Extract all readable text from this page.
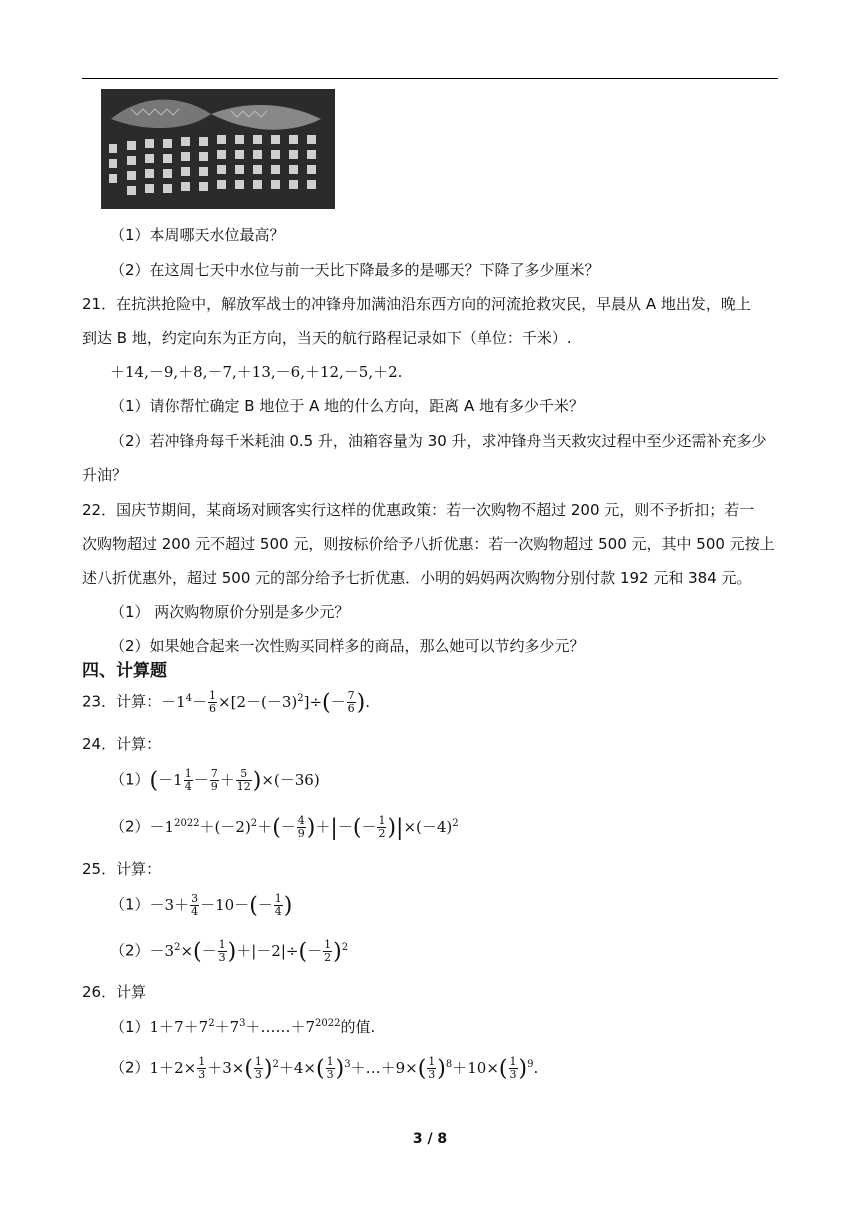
（1）本周哪天水位最高？
（2）在这周七天中水位与前一天比下降最多的是哪天？下降了多少厘米？
21．在抗洪抢险中，解放军战士的冲锋舟加满油沿东西方向的河流抢救灾民，早晨从 A 地出发，晚上
到达 B 地，约定向东为正方向，当天的航行路程记录如下（单位：千米）.
＋14,－9,＋8,－7,＋13,－6,＋12,－5,＋2.
（1）请你帮忙确定 B 地位于 A 地的什么方向，距离 A 地有多少千米？
（2）若冲锋舟每千米耗油 0.5 升，油箱容量为 30 升，求冲锋舟当天救灾过程中至少还需补充多少
升油？
22．国庆节期间，某商场对顾客实行这样的优惠政策：若一次购物不超过 200 元，则不予折扣；若一
次购物超过 200 元不超过 500 元，则按标价给予八折优惠：若一次购物超过 500 元，其中 500 元按上
述八折优惠外，超过 500 元的部分给予七折优惠．小明的妈妈两次购物分别付款 192 元和 384 元。
（1） 两次购物原价分别是多少元？
（2）如果她合起来一次性购买同样多的商品，那么她可以节约多少元？
四、计算题
23．计算：$-1^4- \frac{1}{6} \times[2-(-3)^2]\div(- \frac{7}{6}$ ).
24．计算：
$(1)(-1 \frac{1}{4} - \frac{7}{9} + \frac{5}{12} )\times(-36)$
$(2)-1^{2022}+(-2)^2+(- \frac{4}{9}$ )＋|－(－ $\frac{1}{2} )|\times(-4)^2$
25．计算：
$(1)-3+ \frac{3}{4} -10-(- \frac{1}{4}$ )
$(2)-3^2\times(- \frac{1}{3} )+|-2|\div(- \frac{1}{2} )^2$
26．计算
$(1)1+7+7^2+7^3+\dots\dots+7^{2022}$的值.
$(2)1+2\times \frac{1}{3} +3\times( \frac{1}{3} )^2+4\times( \frac{1}{3}$ )$^3+\dots+9\times( \frac{1}{3} )^8+10\times( \frac{1}{3} )^9$.
3 / 8
